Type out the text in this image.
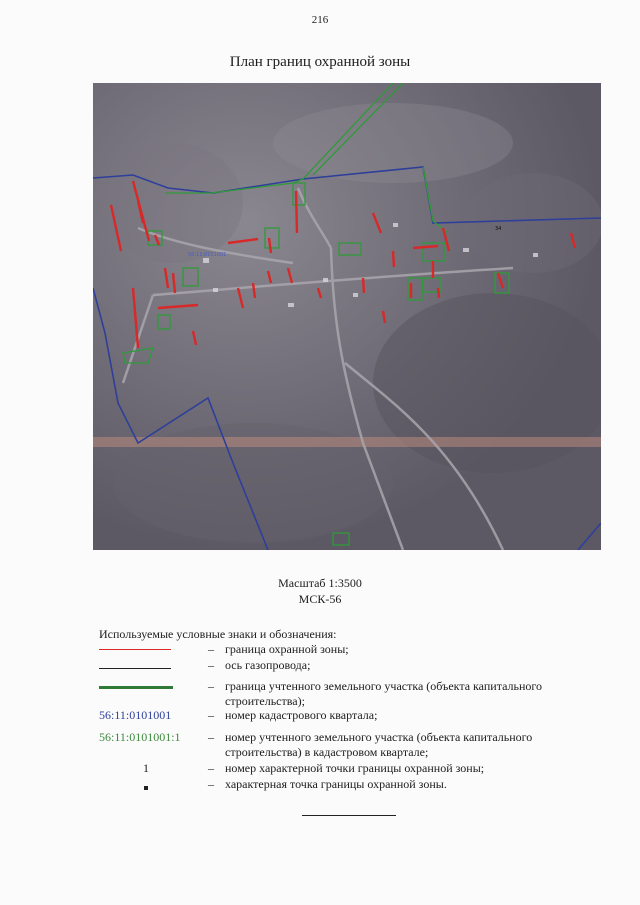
216
План границ охранной зоны
56:11:0101001
34
Масштаб 1:3500
МСК-56
Используемые условные знаки и обозначения:
– граница охранной зоны;
– ось газопровода;
– граница учтенного земельного участка (объекта капитального строительства);
56:11:0101001	– номер кадастрового квартала;
56:11:0101001:1	– номер учтенного земельного участка (объекта капитального строительства) в кадастровом квартале;
1	– номер характерной точки границы охранной зоны;
– характерная точка границы охранной зоны.
